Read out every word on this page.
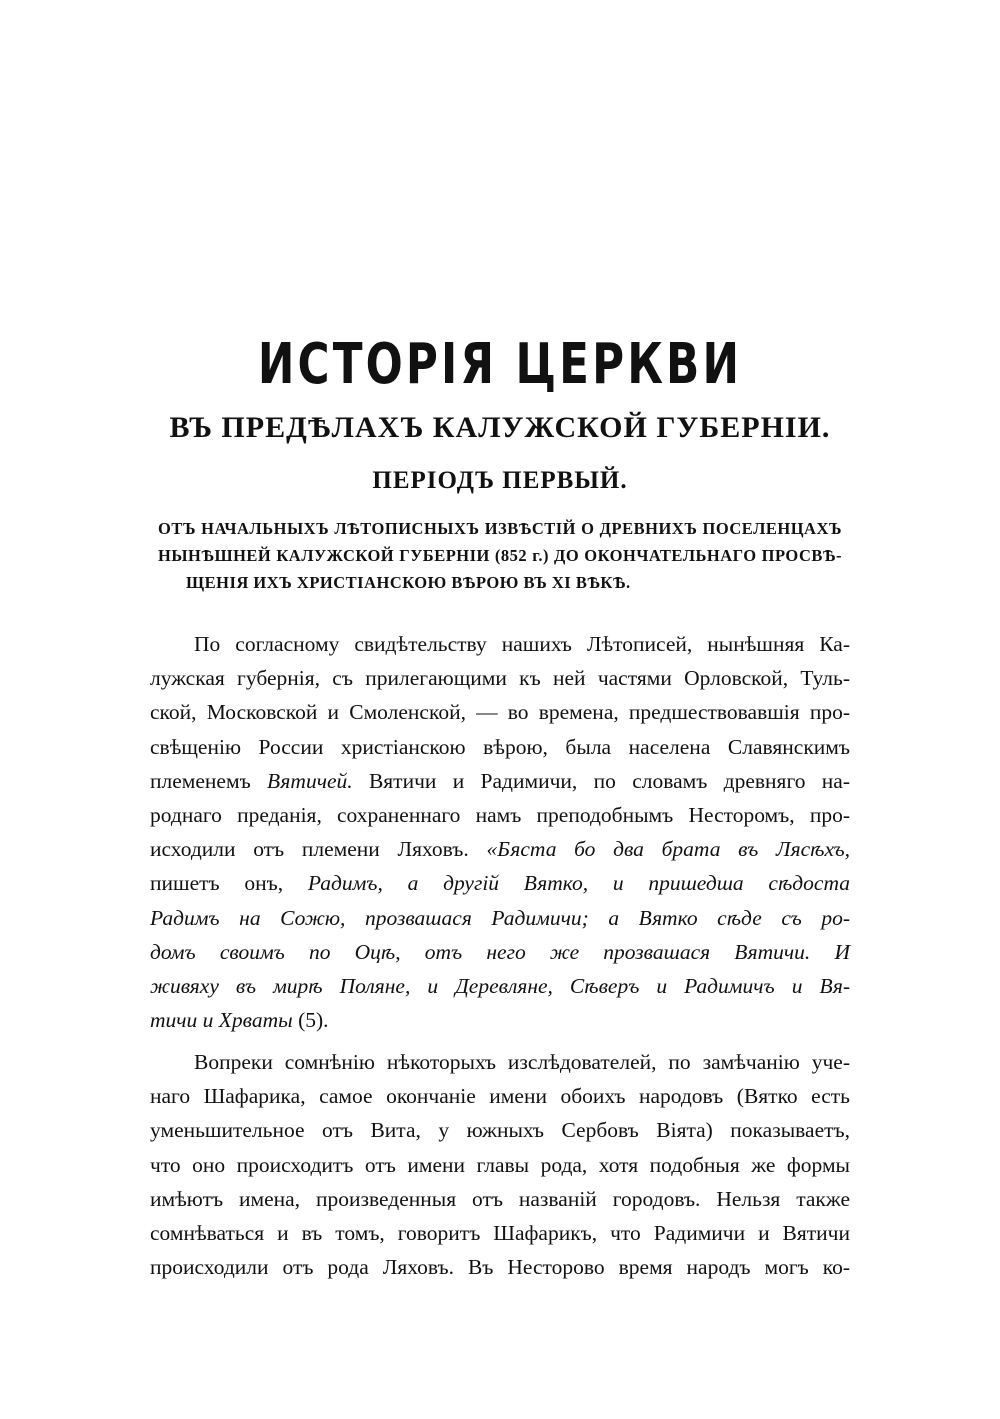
ИСТОРІЯ ЦЕРКВИ
ВЪ ПРЕДѢЛАХЪ КАЛУЖСКОЙ ГУБЕРНІИ.
ПЕРІОДЪ ПЕРВЫЙ.
ОТЪ НАЧАЛЬНЫХЪ ЛѢТОПИСНЫХЪ ИЗВѢСТІЙ О ДРЕВНИХЪ ПОСЕЛЕНЦАХЪ
НЫНѢШНЕЙ КАЛУЖСКОЙ ГУБЕРНІИ (852 г.) ДО ОКОНЧАТЕЛЬНАГО ПРОСВѢ-
ЩЕНІЯ ИХЪ ХРИСТІАНСКОЮ ВѢРОЮ ВЪ XI ВѢКѢ.
По согласному свидѣтельству нашихъ Лѣтописей, нынѣшняя Ка-
лужская губернія, съ прилегающими къ ней частями Орловской, Туль-
ской, Московской и Смоленской, — во времена, предшествовавшія про-
свѣщенію России христіанскою вѣрою, была населена Славянскимъ
племенемъ Вятичей. Вятичи и Радимичи, по словамъ древняго на-
роднаго преданія, сохраненнаго намъ преподобнымъ Несторомъ, про-
исходили отъ племени Ляховъ. «Бяста бо два брата въ Лясѣхъ,
пишетъ онъ, Радимъ, а другій Вятко, и пришедша сѣдоста
Радимъ на Сожю, прозвашася Радимичи; а Вятко сѣде съ ро-
домъ своимъ по Оцѣ, отъ него же прозвашася Вятичи. И
живяху въ мирѣ Поляне, и Деревляне, Сѣверъ и Радимичъ и Вя-
тичи и Хрваты (5).
Вопреки сомнѣнію нѣкоторыхъ изслѣдователей, по замѣчанію уче-
наго Шафарика, самое окончаніе имени обоихъ народовъ (Вятко есть
уменьшительное отъ Вита, у южныхъ Сербовъ Віята) показываетъ,
что оно происходитъ отъ имени главы рода, хотя подобныя же формы
имѣютъ имена, произведенныя отъ названій городовъ. Нельзя также
сомнѣваться и въ томъ, говоритъ Шафарикъ, что Радимичи и Вятичи
происходили отъ рода Ляховъ. Въ Несторово время народъ могъ ко-
